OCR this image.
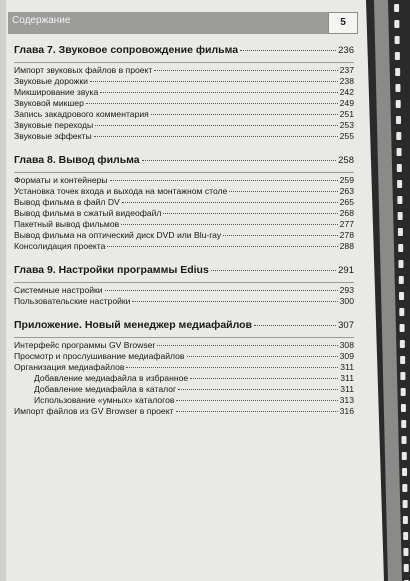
Содержание	5
Глава 7. Звуковое сопровождение фильма	236
Импорт звуковых файлов в проект	237
Звуковые дорожки	238
Микширование звука	242
Звуковой микшер	249
Запись закадрового комментария	251
Звуковые переходы	253
Звуковые эффекты	255
Глава 8. Вывод фильма	258
Форматы и контейнеры	259
Установка точек входа и выхода на монтажном столе	263
Вывод фильма в файл DV	265
Вывод фильма в сжатый видеофайл	268
Пакетный вывод фильмов	277
Вывод фильма на оптический диск DVD или Blu-ray	278
Консолидация проекта	288
Глава 9. Настройки программы Edius	291
Системные настройки	293
Пользовательские настройки	300
Приложение. Новый менеджер медиафайлов	307
Интерфейс программы GV Browser	308
Просмотр и прослушивание медиафайлов	309
Организация медиафайлов	311
Добавление медиафайла в избранное	311
Добавление медиафайла в каталог	311
Использование «умных» каталогов	313
Импорт файлов из GV Browser в проект	316
